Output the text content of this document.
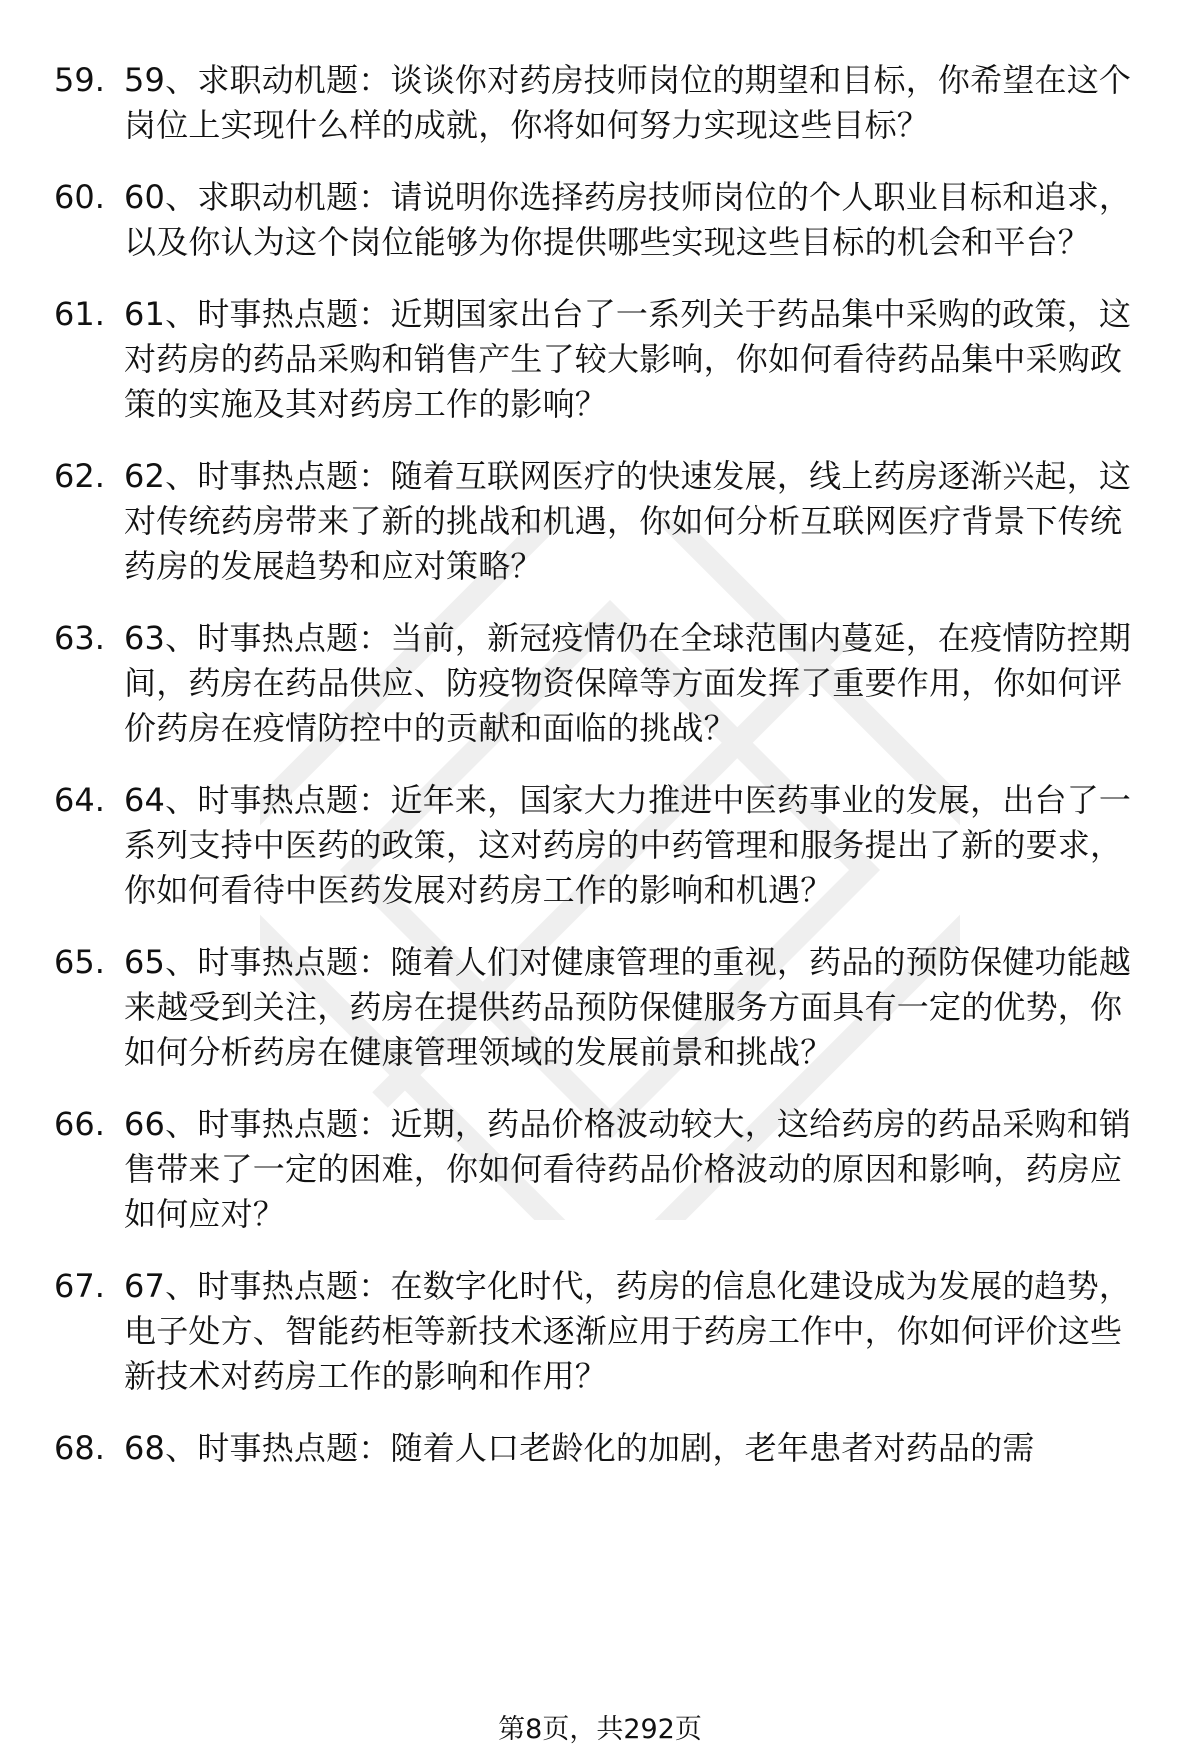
59. 59、求职动机题：谈谈你对药房技师岗位的期望和目标，你希望在这个岗位上实现什么样的成就，你将如何努力实现这些目标？
60. 60、求职动机题：请说明你选择药房技师岗位的个人职业目标和追求，以及你认为这个岗位能够为你提供哪些实现这些目标的机会和平台？
61. 61、时事热点题：近期国家出台了一系列关于药品集中采购的政策，这对药房的药品采购和销售产生了较大影响，你如何看待药品集中采购政策的实施及其对药房工作的影响？
62. 62、时事热点题：随着互联网医疗的快速发展，线上药房逐渐兴起，这对传统药房带来了新的挑战和机遇，你如何分析互联网医疗背景下传统药房的发展趋势和应对策略？
63. 63、时事热点题：当前，新冠疫情仍在全球范围内蔓延，在疫情防控期间，药房在药品供应、防疫物资保障等方面发挥了重要作用，你如何评价药房在疫情防控中的贡献和面临的挑战？
64. 64、时事热点题：近年来，国家大力推进中医药事业的发展，出台了一系列支持中医药的政策，这对药房的中药管理和服务提出了新的要求，你如何看待中医药发展对药房工作的影响和机遇？
65. 65、时事热点题：随着人们对健康管理的重视，药品的预防保健功能越来越受到关注，药房在提供药品预防保健服务方面具有一定的优势，你如何分析药房在健康管理领域的发展前景和挑战？
66. 66、时事热点题：近期，药品价格波动较大，这给药房的药品采购和销售带来了一定的困难，你如何看待药品价格波动的原因和影响，药房应如何应对？
67. 67、时事热点题：在数字化时代，药房的信息化建设成为发展的趋势，电子处方、智能药柜等新技术逐渐应用于药房工作中，你如何评价这些新技术对药房工作的影响和作用？
68. 68、时事热点题：随着人口老龄化的加剧，老年患者对药品的需
第8页，共292页
